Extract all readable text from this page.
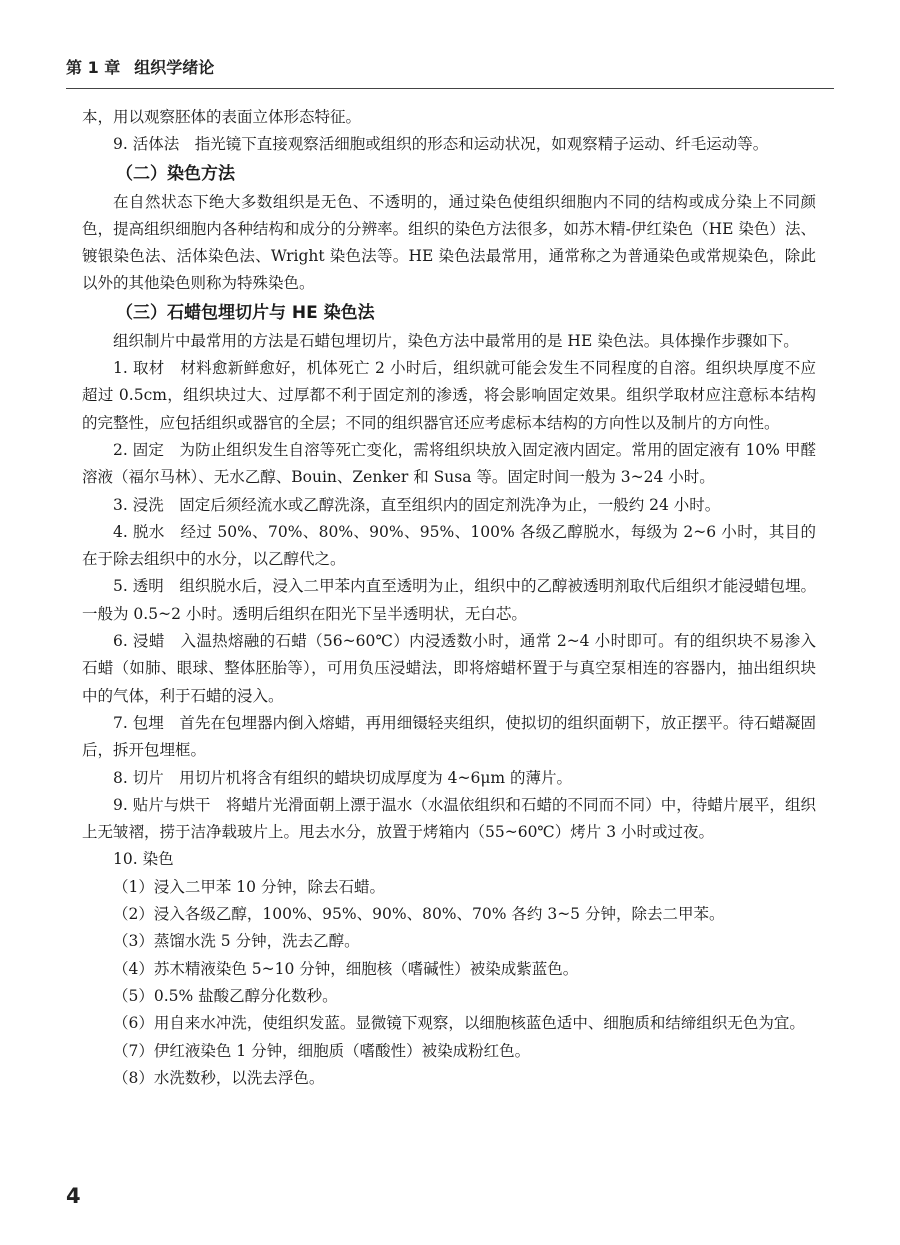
第 1 章 组织学绪论

本，用以观察胚体的表面立体形态特征。

9. 活体法　指光镜下直接观察活细胞或组织的形态和运动状况，如观察精子运动、纤毛运动等。

（二）染色方法

在自然状态下绝大多数组织是无色、不透明的，通过染色使组织细胞内不同的结构或成分染上不同颜色，提高组织细胞内各种结构和成分的分辨率。组织的染色方法很多，如苏木精-伊红染色（HE 染色）法、镀银染色法、活体染色法、Wright 染色法等。HE 染色法最常用，通常称之为普通染色或常规染色，除此以外的其他染色则称为特殊染色。

（三）石蜡包埋切片与 HE 染色法

组织制片中最常用的方法是石蜡包埋切片，染色方法中最常用的是 HE 染色法。具体操作步骤如下。

1. 取材　材料愈新鲜愈好，机体死亡 2 小时后，组织就可能会发生不同程度的自溶。组织块厚度不应超过 0.5cm，组织块过大、过厚都不利于固定剂的渗透，将会影响固定效果。组织学取材应注意标本结构的完整性，应包括组织或器官的全层；不同的组织器官还应考虑标本结构的方向性以及制片的方向性。

2. 固定　为防止组织发生自溶等死亡变化，需将组织块放入固定液内固定。常用的固定液有 10% 甲醛溶液（福尔马林）、无水乙醇、Bouin、Zenker 和 Susa 等。固定时间一般为 3~24 小时。

3. 浸洗　固定后须经流水或乙醇洗涤，直至组织内的固定剂洗净为止，一般约 24 小时。

4. 脱水　经过 50%、70%、80%、90%、95%、100% 各级乙醇脱水，每级为 2~6 小时，其目的在于除去组织中的水分，以乙醇代之。

5. 透明　组织脱水后，浸入二甲苯内直至透明为止，组织中的乙醇被透明剂取代后组织才能浸蜡包埋。一般为 0.5~2 小时。透明后组织在阳光下呈半透明状，无白芯。

6. 浸蜡　入温热熔融的石蜡（56~60℃）内浸透数小时，通常 2~4 小时即可。有的组织块不易渗入石蜡（如肺、眼球、整体胚胎等），可用负压浸蜡法，即将熔蜡杯置于与真空泵相连的容器内，抽出组织块中的气体，利于石蜡的浸入。

7. 包埋　首先在包埋器内倒入熔蜡，再用细镊轻夹组织，使拟切的组织面朝下，放正摆平。待石蜡凝固后，拆开包埋框。

8. 切片　用切片机将含有组织的蜡块切成厚度为 4~6μm 的薄片。

9. 贴片与烘干　将蜡片光滑面朝上漂于温水（水温依组织和石蜡的不同而不同）中，待蜡片展平，组织上无皱褶，捞于洁净载玻片上。甩去水分，放置于烤箱内（55~60℃）烤片 3 小时或过夜。

10. 染色

（1）浸入二甲苯 10 分钟，除去石蜡。

（2）浸入各级乙醇，100%、95%、90%、80%、70% 各约 3~5 分钟，除去二甲苯。

（3）蒸馏水洗 5 分钟，洗去乙醇。

（4）苏木精液染色 5~10 分钟，细胞核（嗜碱性）被染成紫蓝色。

（5）0.5% 盐酸乙醇分化数秒。

（6）用自来水冲洗，使组织发蓝。显微镜下观察，以细胞核蓝色适中、细胞质和结缔组织无色为宜。

（7）伊红液染色 1 分钟，细胞质（嗜酸性）被染成粉红色。

（8）水洗数秒，以洗去浮色。

4
